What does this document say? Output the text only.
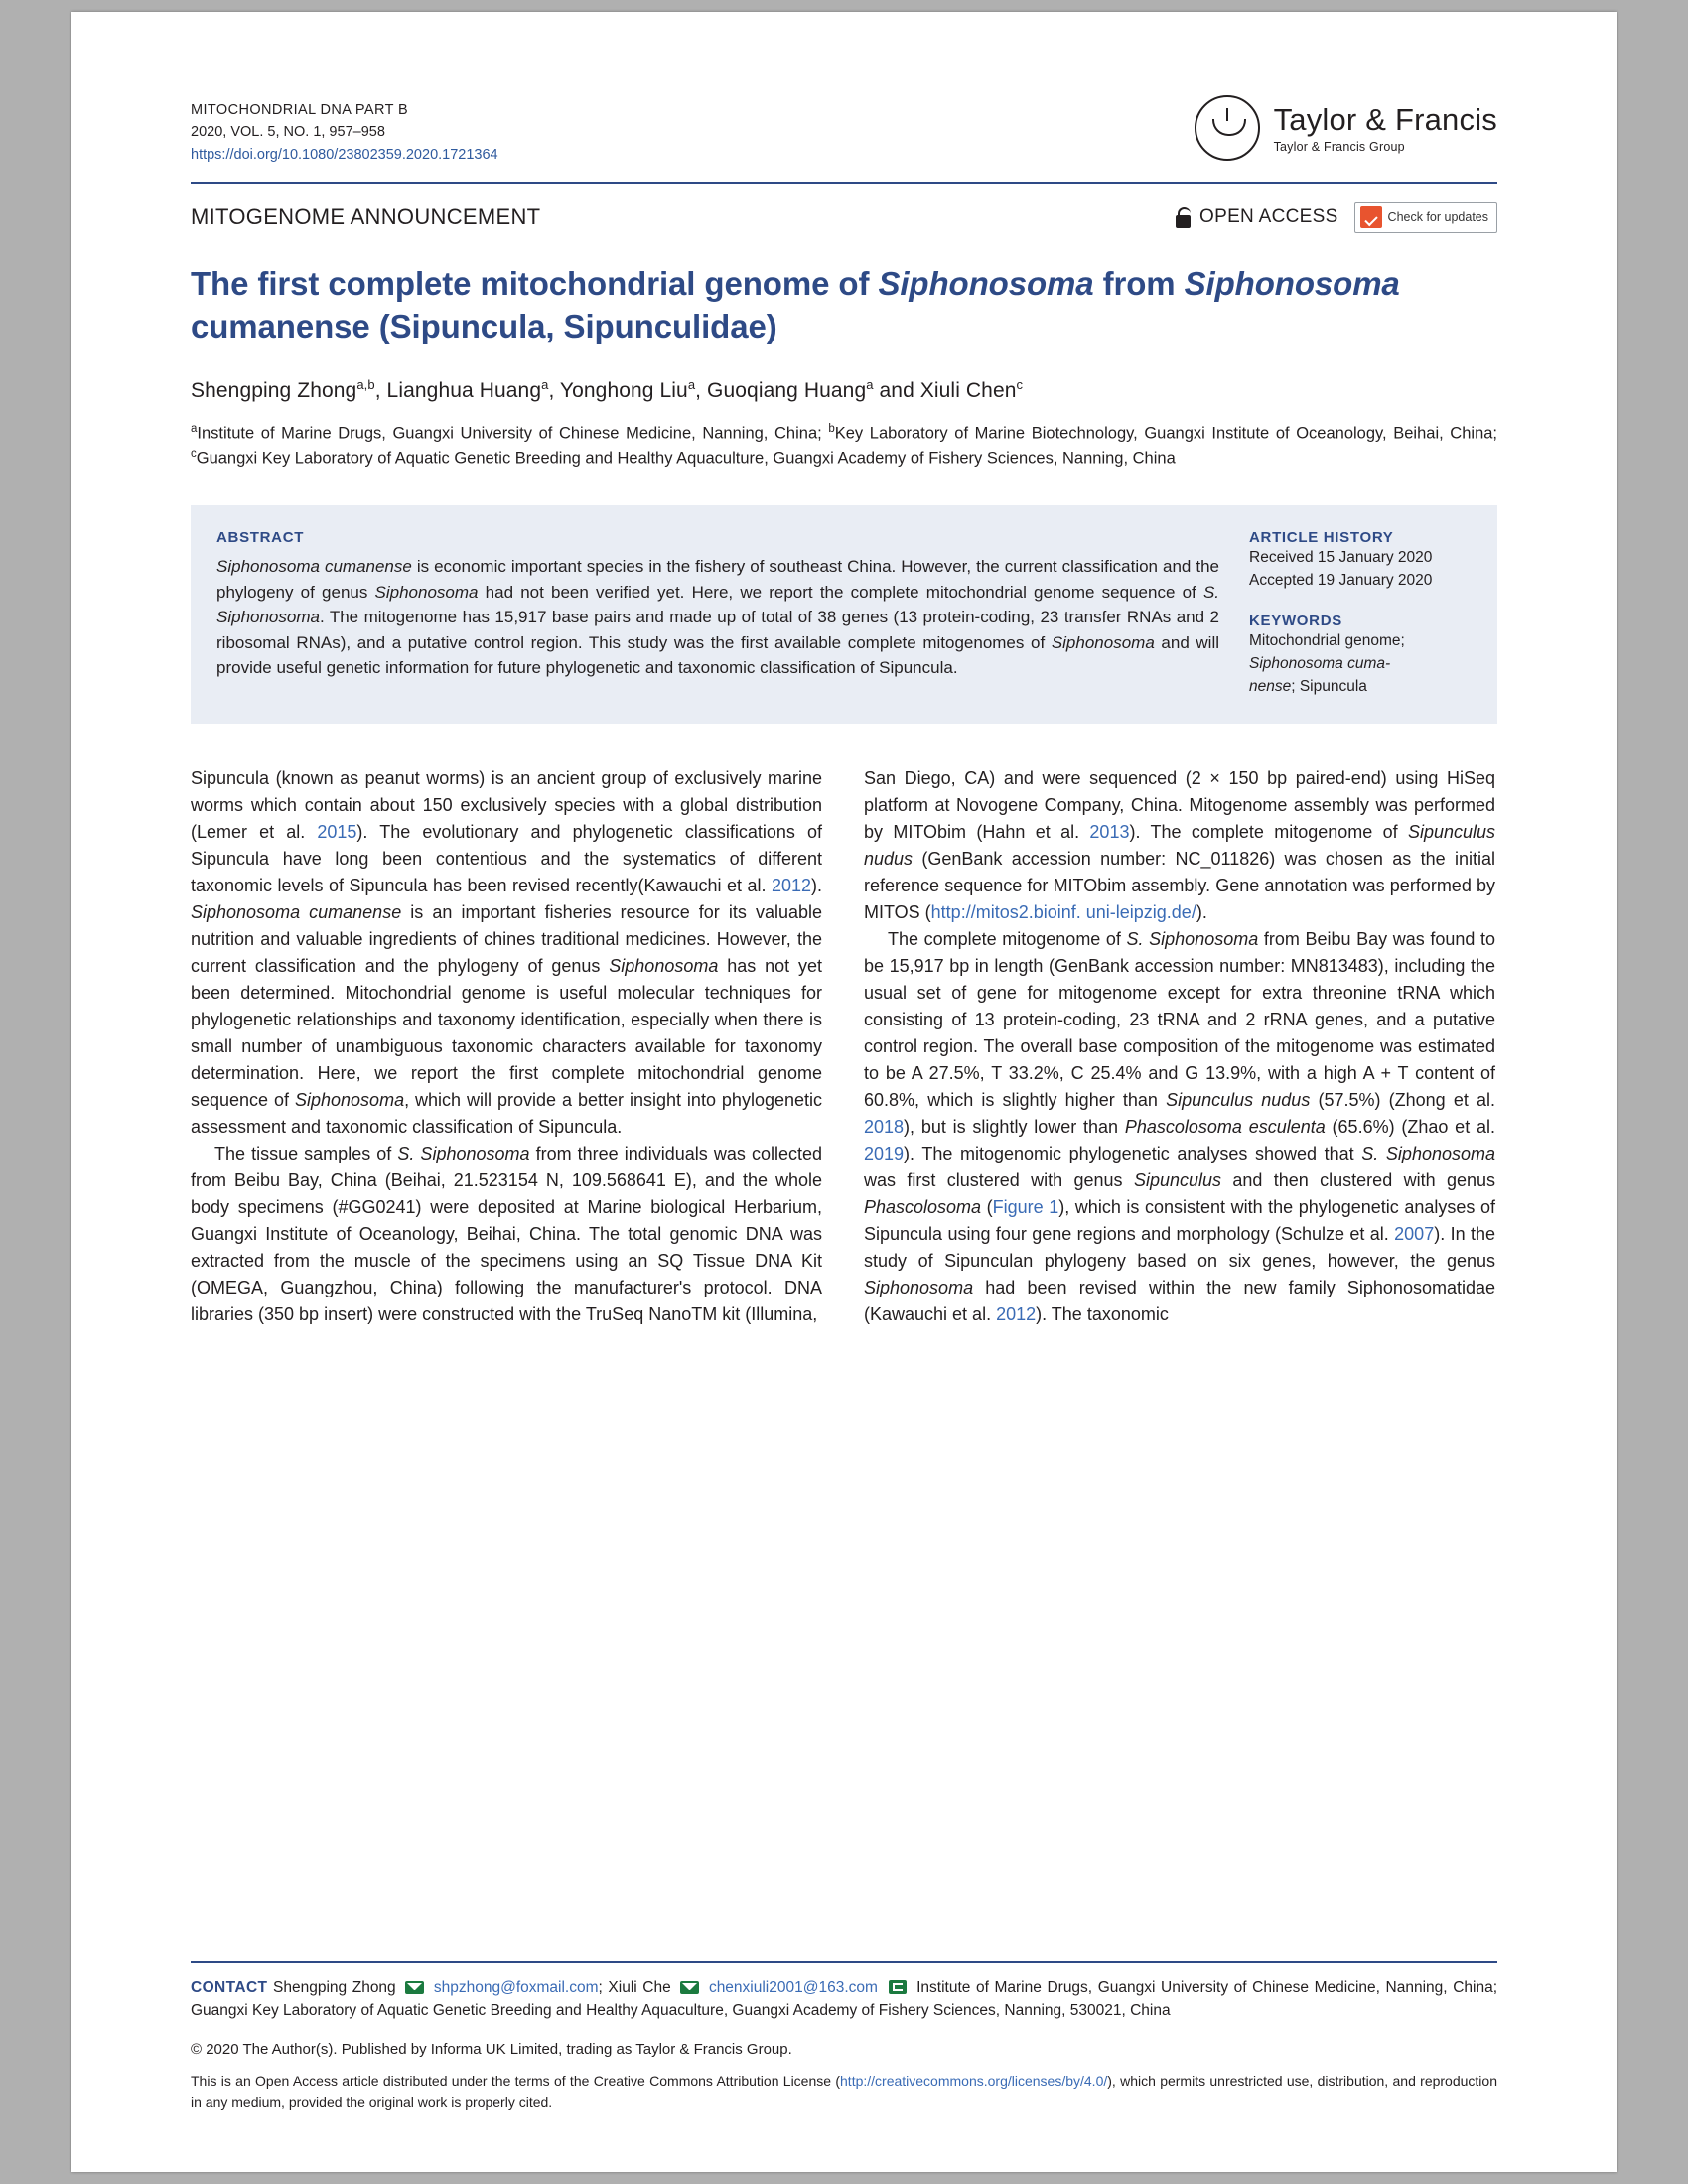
MITOCHONDRIAL DNA PART B
2020, VOL. 5, NO. 1, 957–958
https://doi.org/10.1080/23802359.2020.1721364
Taylor & Francis
Taylor & Francis Group
MITOGENOME ANNOUNCEMENT	OPEN ACCESS	Check for updates
The first complete mitochondrial genome of Siphonosoma from Siphonosoma
cumanense (Sipuncula, Sipunculidae)
Shengping Zhong$^{a,b}$, Lianghua Huang$^a$, Yonghong Liu$^a$, Guoqiang Huang$^a$ and Xiuli Chen$^c$
$^a$Institute of Marine Drugs, Guangxi University of Chinese Medicine, Nanning, China; $^b$Key Laboratory of Marine Biotechnology, Guangxi Institute of Oceanology, Beihai, China; $^c$Guangxi Key Laboratory of Aquatic Genetic Breeding and Healthy Aquaculture, Guangxi Academy of Fishery Sciences, Nanning, China
ABSTRACT
Siphonosoma cumanense is economic important species in the fishery of southeast China. However, the current classification and the phylogeny of genus Siphonosoma had not been verified yet. Here, we report the complete mitochondrial genome sequence of S. Siphonosoma. The mitogenome has 15,917 base pairs and made up of total of 38 genes (13 protein-coding, 23 transfer RNAs and 2 ribosomal RNAs), and a putative control region. This study was the first available complete mitogenomes of Siphonosoma and will provide useful genetic information for future phylogenetic and taxonomic classification of Sipuncula.
ARTICLE HISTORY
Received 15 January 2020
Accepted 19 January 2020
KEYWORDS
Mitochondrial genome; Siphonosoma cuma-
nense; Sipuncula

Sipuncula (known as peanut worms) is an ancient group of exclusively marine worms which contain about 150 exclusively species with a global distribution (Lemer et al. 2015). The evolutionary and phylogenetic classifications of Sipuncula have long been contentious and the systematics of different taxonomic levels of Sipuncula has been revised recently(Kawauchi et al. 2012). Siphonosoma cumanense is an important fisheries resource for its valuable nutrition and valuable ingredients of chines traditional medicines. However, the current classification and the phylogeny of genus Siphonosoma has not yet been determined. Mitochondrial genome is useful molecular techniques for phylogenetic relationships and taxonomy identification, especially when there is small number of unambiguous taxonomic characters available for taxonomy determination. Here, we report the first complete mitochondrial genome sequence of Siphonosoma, which will provide a better insight into phylogenetic assessment and taxonomic classification of Sipuncula.

The tissue samples of S. Siphonosoma from three individuals was collected from Beibu Bay, China (Beihai, 21.523154 N, 109.568641 E), and the whole body specimens (#GG0241) were deposited at Marine biological Herbarium, Guangxi Institute of Oceanology, Beihai, China. The total genomic DNA was extracted from the muscle of the specimens using an SQ Tissue DNA Kit (OMEGA, Guangzhou, China) following the manufacturer's protocol. DNA libraries (350 bp insert) were constructed with the TruSeq NanoTM kit (Illumina,

San Diego, CA) and were sequenced (2 × 150 bp paired-end) using HiSeq platform at Novogene Company, China. Mitogenome assembly was performed by MITObim (Hahn et al. 2013). The complete mitogenome of Sipunculus nudus (GenBank accession number: NC_011826) was chosen as the initial reference sequence for MITObim assembly. Gene annotation was performed by MITOS (http://mitos2.bioinf. uni-leipzig.de/).

The complete mitogenome of S. Siphonosoma from Beibu Bay was found to be 15,917 bp in length (GenBank accession number: MN813483), including the usual set of gene for mitogenome except for extra threonine tRNA which consisting of 13 protein-coding, 23 tRNA and 2 rRNA genes, and a putative control region. The overall base composition of the mitogenome was estimated to be A 27.5%, T 33.2%, C 25.4% and G 13.9%, with a high A + T content of 60.8%, which is slightly higher than Sipunculus nudus (57.5%) (Zhong et al. 2018), but is slightly lower than Phascolosoma esculenta (65.6%) (Zhao et al. 2019). The mitogenomic phylogenetic analyses showed that S. Siphonosoma was first clustered with genus Sipunculus and then clustered with genus Phascolosoma (Figure 1), which is consistent with the phylogenetic analyses of Sipuncula using four gene regions and morphology (Schulze et al. 2007). In the study of Sipunculan phylogeny based on six genes, however, the genus Siphonosoma had been revised within the new family Siphonosomatidae (Kawauchi et al. 2012). The taxonomic

CONTACT Shengping Zhong  shpzhong@foxmail.com; Xiuli Che  chenxiuli2001@163.com  Institute of Marine Drugs, Guangxi University of Chinese Medicine, Nanning, China; Guangxi Key Laboratory of Aquatic Genetic Breeding and Healthy Aquaculture, Guangxi Academy of Fishery Sciences, Nanning, 530021, China
© 2020 The Author(s). Published by Informa UK Limited, trading as Taylor & Francis Group.
This is an Open Access article distributed under the terms of the Creative Commons Attribution License (http://creativecommons.org/licenses/by/4.0/), which permits unrestricted use, distribution, and reproduction in any medium, provided the original work is properly cited.
